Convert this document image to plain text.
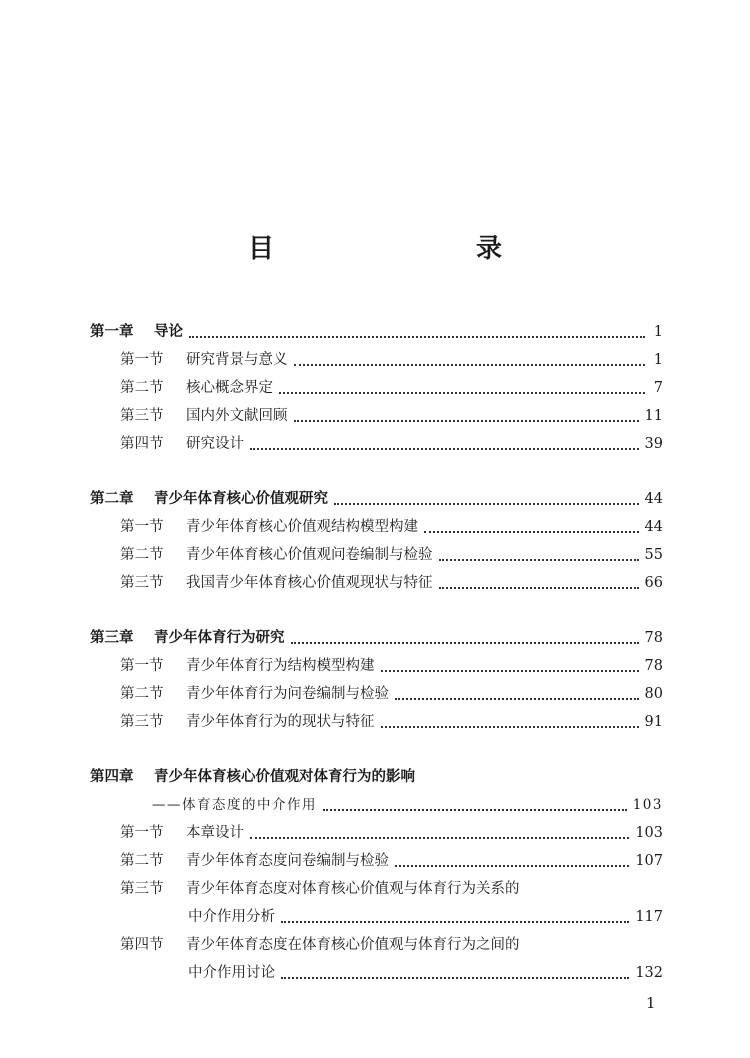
目　　录
第一章	导论	1
第一节	研究背景与意义	1
第二节	核心概念界定	7
第三节	国内外文献回顾	11
第四节	研究设计	39
第二章	青少年体育核心价值观研究	44
第一节	青少年体育核心价值观结构模型构建	44
第二节	青少年体育核心价值观问卷编制与检验	55
第三节	我国青少年体育核心价值观现状与特征	66
第三章	青少年体育行为研究	78
第一节	青少年体育行为结构模型构建	78
第二节	青少年体育行为问卷编制与检验	80
第三节	青少年体育行为的现状与特征	91
第四章	青少年体育核心价值观对体育行为的影响
——体育态度的中介作用	103
第一节	本章设计	103
第二节	青少年体育态度问卷编制与检验	107
第三节	青少年体育态度对体育核心价值观与体育行为关系的
中介作用分析	117
第四节	青少年体育态度在体育核心价值观与体育行为之间的
中介作用讨论	132
1
